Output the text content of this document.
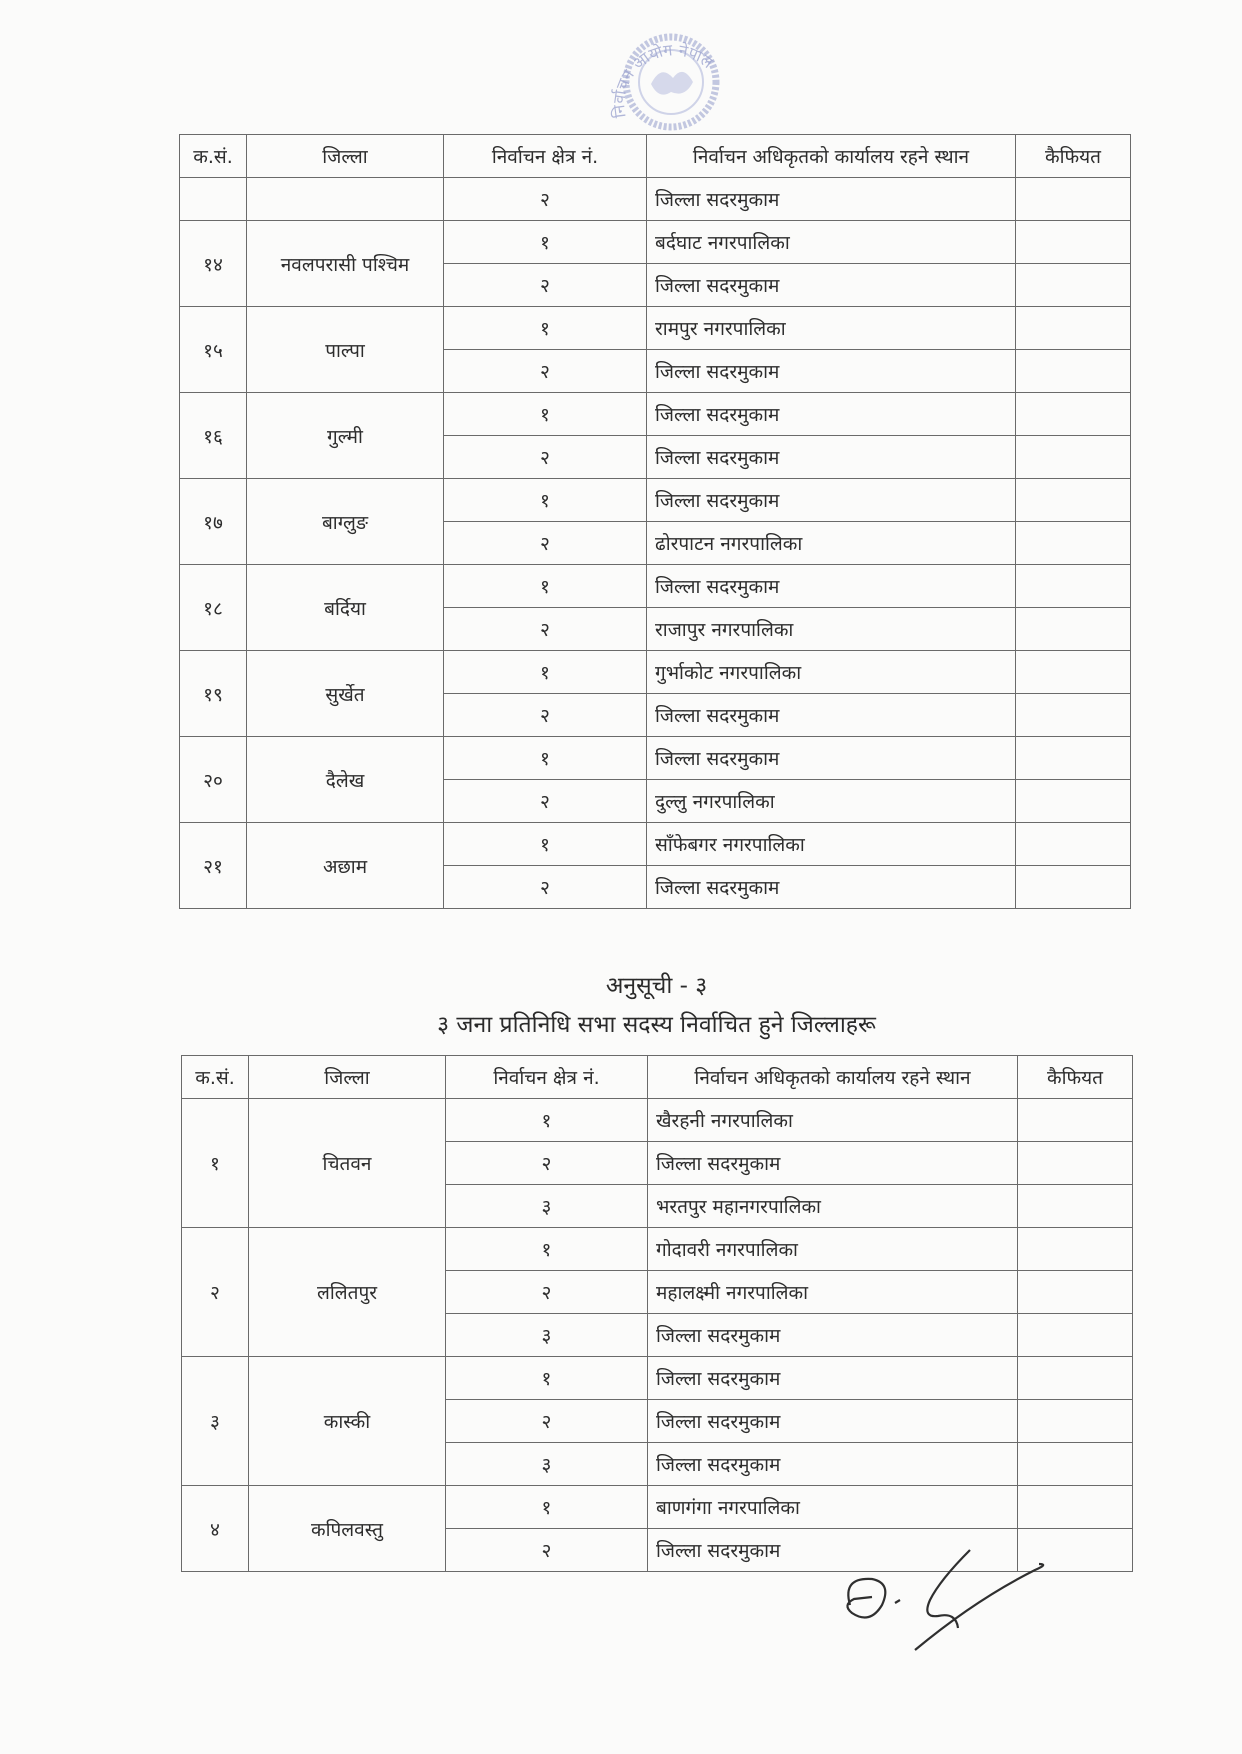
निर्वाचन आयोग नेपाल
क.सं.	जिल्ला	निर्वाचन क्षेत्र नं.	निर्वाचन अधिकृतको कार्यालय रहने स्थान	कैफियत
		२	जिल्ला सदरमुकाम	
१४	नवलपरासी पश्चिम	१	बर्दघाट नगरपालिका	
		२	जिल्ला सदरमुकाम	
१५	पाल्पा	१	रामपुर नगरपालिका	
		२	जिल्ला सदरमुकाम	
१६	गुल्मी	१	जिल्ला सदरमुकाम	
		२	जिल्ला सदरमुकाम	
१७	बाग्लुङ	१	जिल्ला सदरमुकाम	
		२	ढोरपाटन नगरपालिका	
१८	बर्दिया	१	जिल्ला सदरमुकाम	
		२	राजापुर नगरपालिका	
१९	सुर्खेत	१	गुर्भाकोट नगरपालिका	
		२	जिल्ला सदरमुकाम	
२०	दैलेख	१	जिल्ला सदरमुकाम	
		२	दुल्लु नगरपालिका	
२१	अछाम	१	साँफेबगर नगरपालिका	
		२	जिल्ला सदरमुकाम	
अनुसूची - ३
३ जना प्रतिनिधि सभा सदस्य निर्वाचित हुने जिल्लाहरू
क.सं.	जिल्ला	निर्वाचन क्षेत्र नं.	निर्वाचन अधिकृतको कार्यालय रहने स्थान	कैफियत
१	चितवन	१	खैरहनी नगरपालिका	
		२	जिल्ला सदरमुकाम	
		३	भरतपुर महानगरपालिका	
२	ललितपुर	१	गोदावरी नगरपालिका	
		२	महालक्ष्मी नगरपालिका	
		३	जिल्ला सदरमुकाम	
३	कास्की	१	जिल्ला सदरमुकाम	
		२	जिल्ला सदरमुकाम	
		३	जिल्ला सदरमुकाम	
४	कपिलवस्तु	१	बाणगंगा नगरपालिका	
		२	जिल्ला सदरमुकाम	
